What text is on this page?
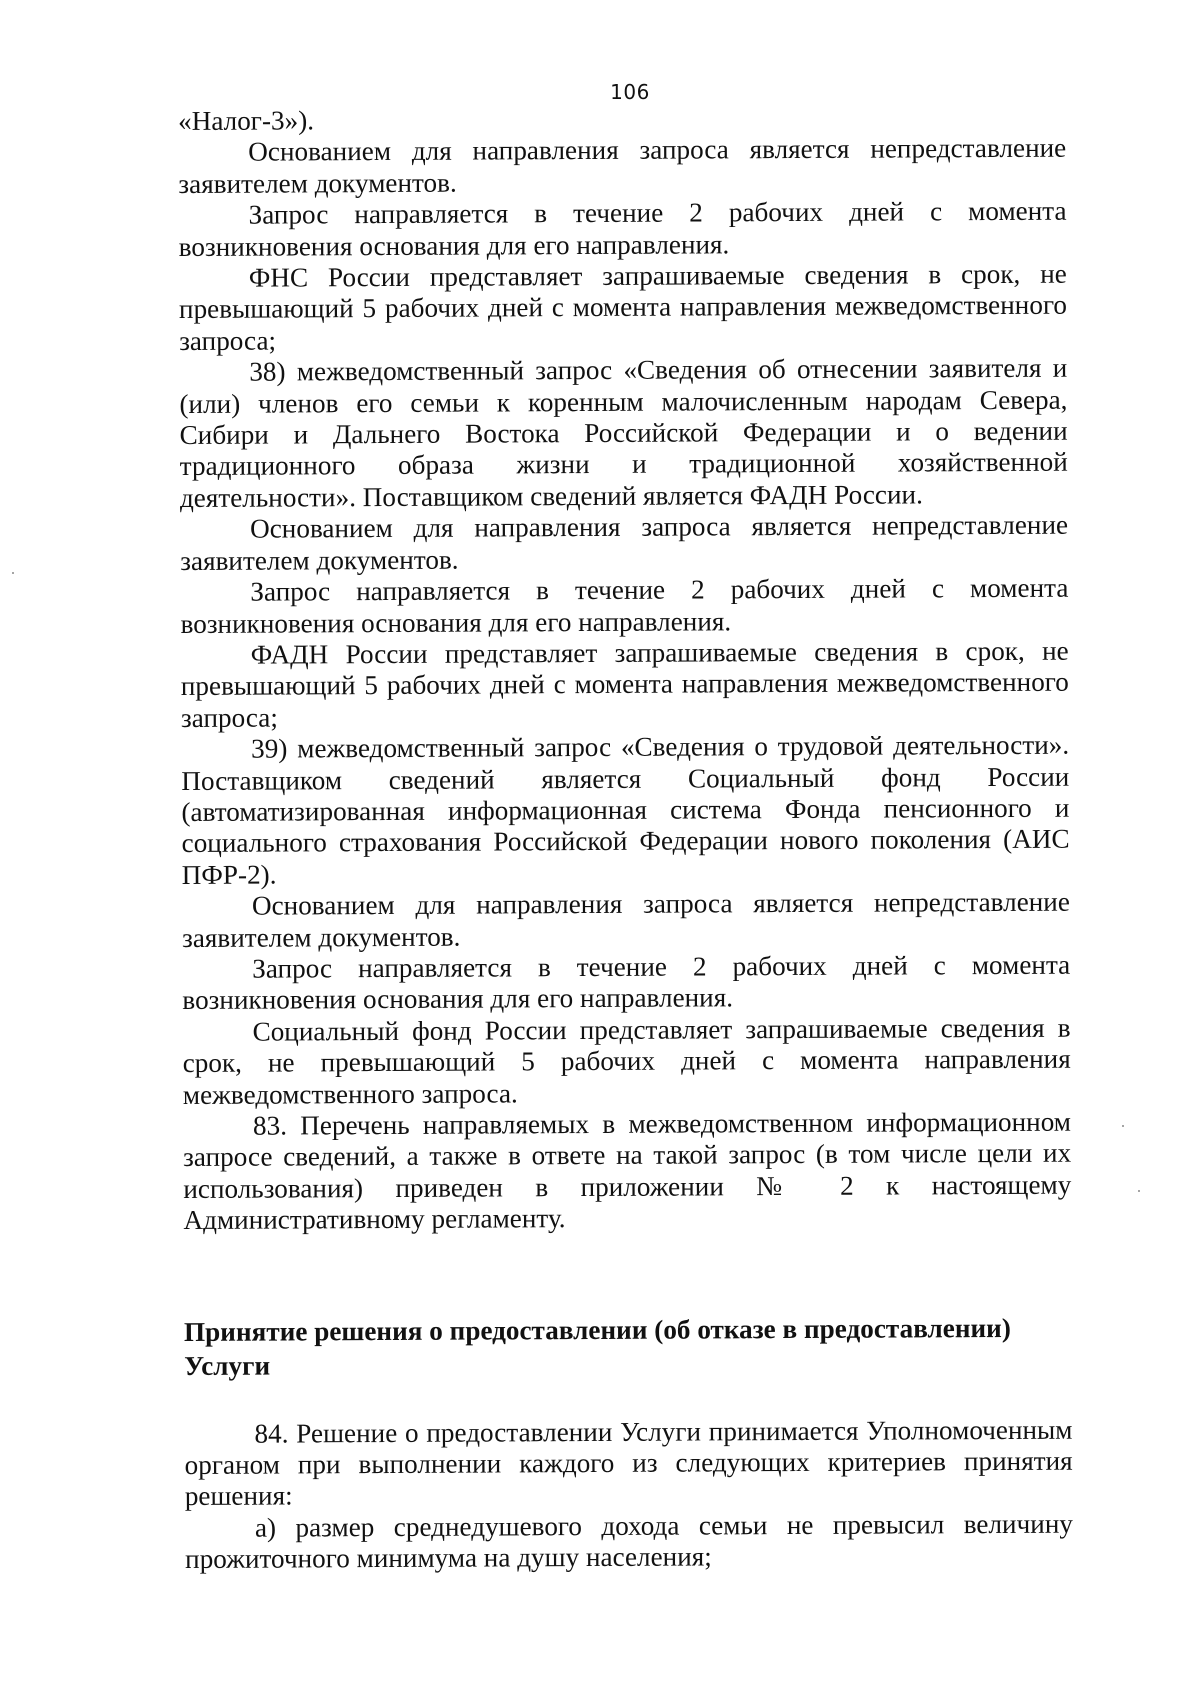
106

«Налог-3»).

Основанием для направления запроса является непредставление заявителем документов.

Запрос направляется в течение 2 рабочих дней с момента возникновения основания для его направления.

ФНС России представляет запрашиваемые сведения в срок, не превышающий 5 рабочих дней с момента направления межведомственного запроса;

38) межведомственный запрос «Сведения об отнесении заявителя и (или) членов его семьи к коренным малочисленным народам Севера, Сибири и Дальнего Востока Российской Федерации и о ведении традиционного образа жизни и традиционной хозяйственной деятельности». Поставщиком сведений является ФАДН России.

Основанием для направления запроса является непредставление заявителем документов.

Запрос направляется в течение 2 рабочих дней с момента возникновения основания для его направления.

ФАДН России представляет запрашиваемые сведения в срок, не превышающий 5 рабочих дней с момента направления межведомственного запроса;

39) межведомственный запрос «Сведения о трудовой деятельности». Поставщиком сведений является Социальный фонд России (автоматизированная информационная система Фонда пенсионного и социального страхования Российской Федерации нового поколения (АИС ПФР-2).

Основанием для направления запроса является непредставление заявителем документов.

Запрос направляется в течение 2 рабочих дней с момента возникновения основания для его направления.

Социальный фонд России представляет запрашиваемые сведения в срок, не превышающий 5 рабочих дней с момента направления межведомственного запроса.

83. Перечень направляемых в межведомственном информационном запросе сведений, а также в ответе на такой запрос (в том числе цели их использования) приведен в приложении № 2 к настоящему Административному регламенту.

Принятие решения о предоставлении (об отказе в предоставлении)
Услуги

84. Решение о предоставлении Услуги принимается Уполномоченным органом при выполнении каждого из следующих критериев принятия решения:

а) размер среднедушевого дохода семьи не превысил величину прожиточного минимума на душу населения;
